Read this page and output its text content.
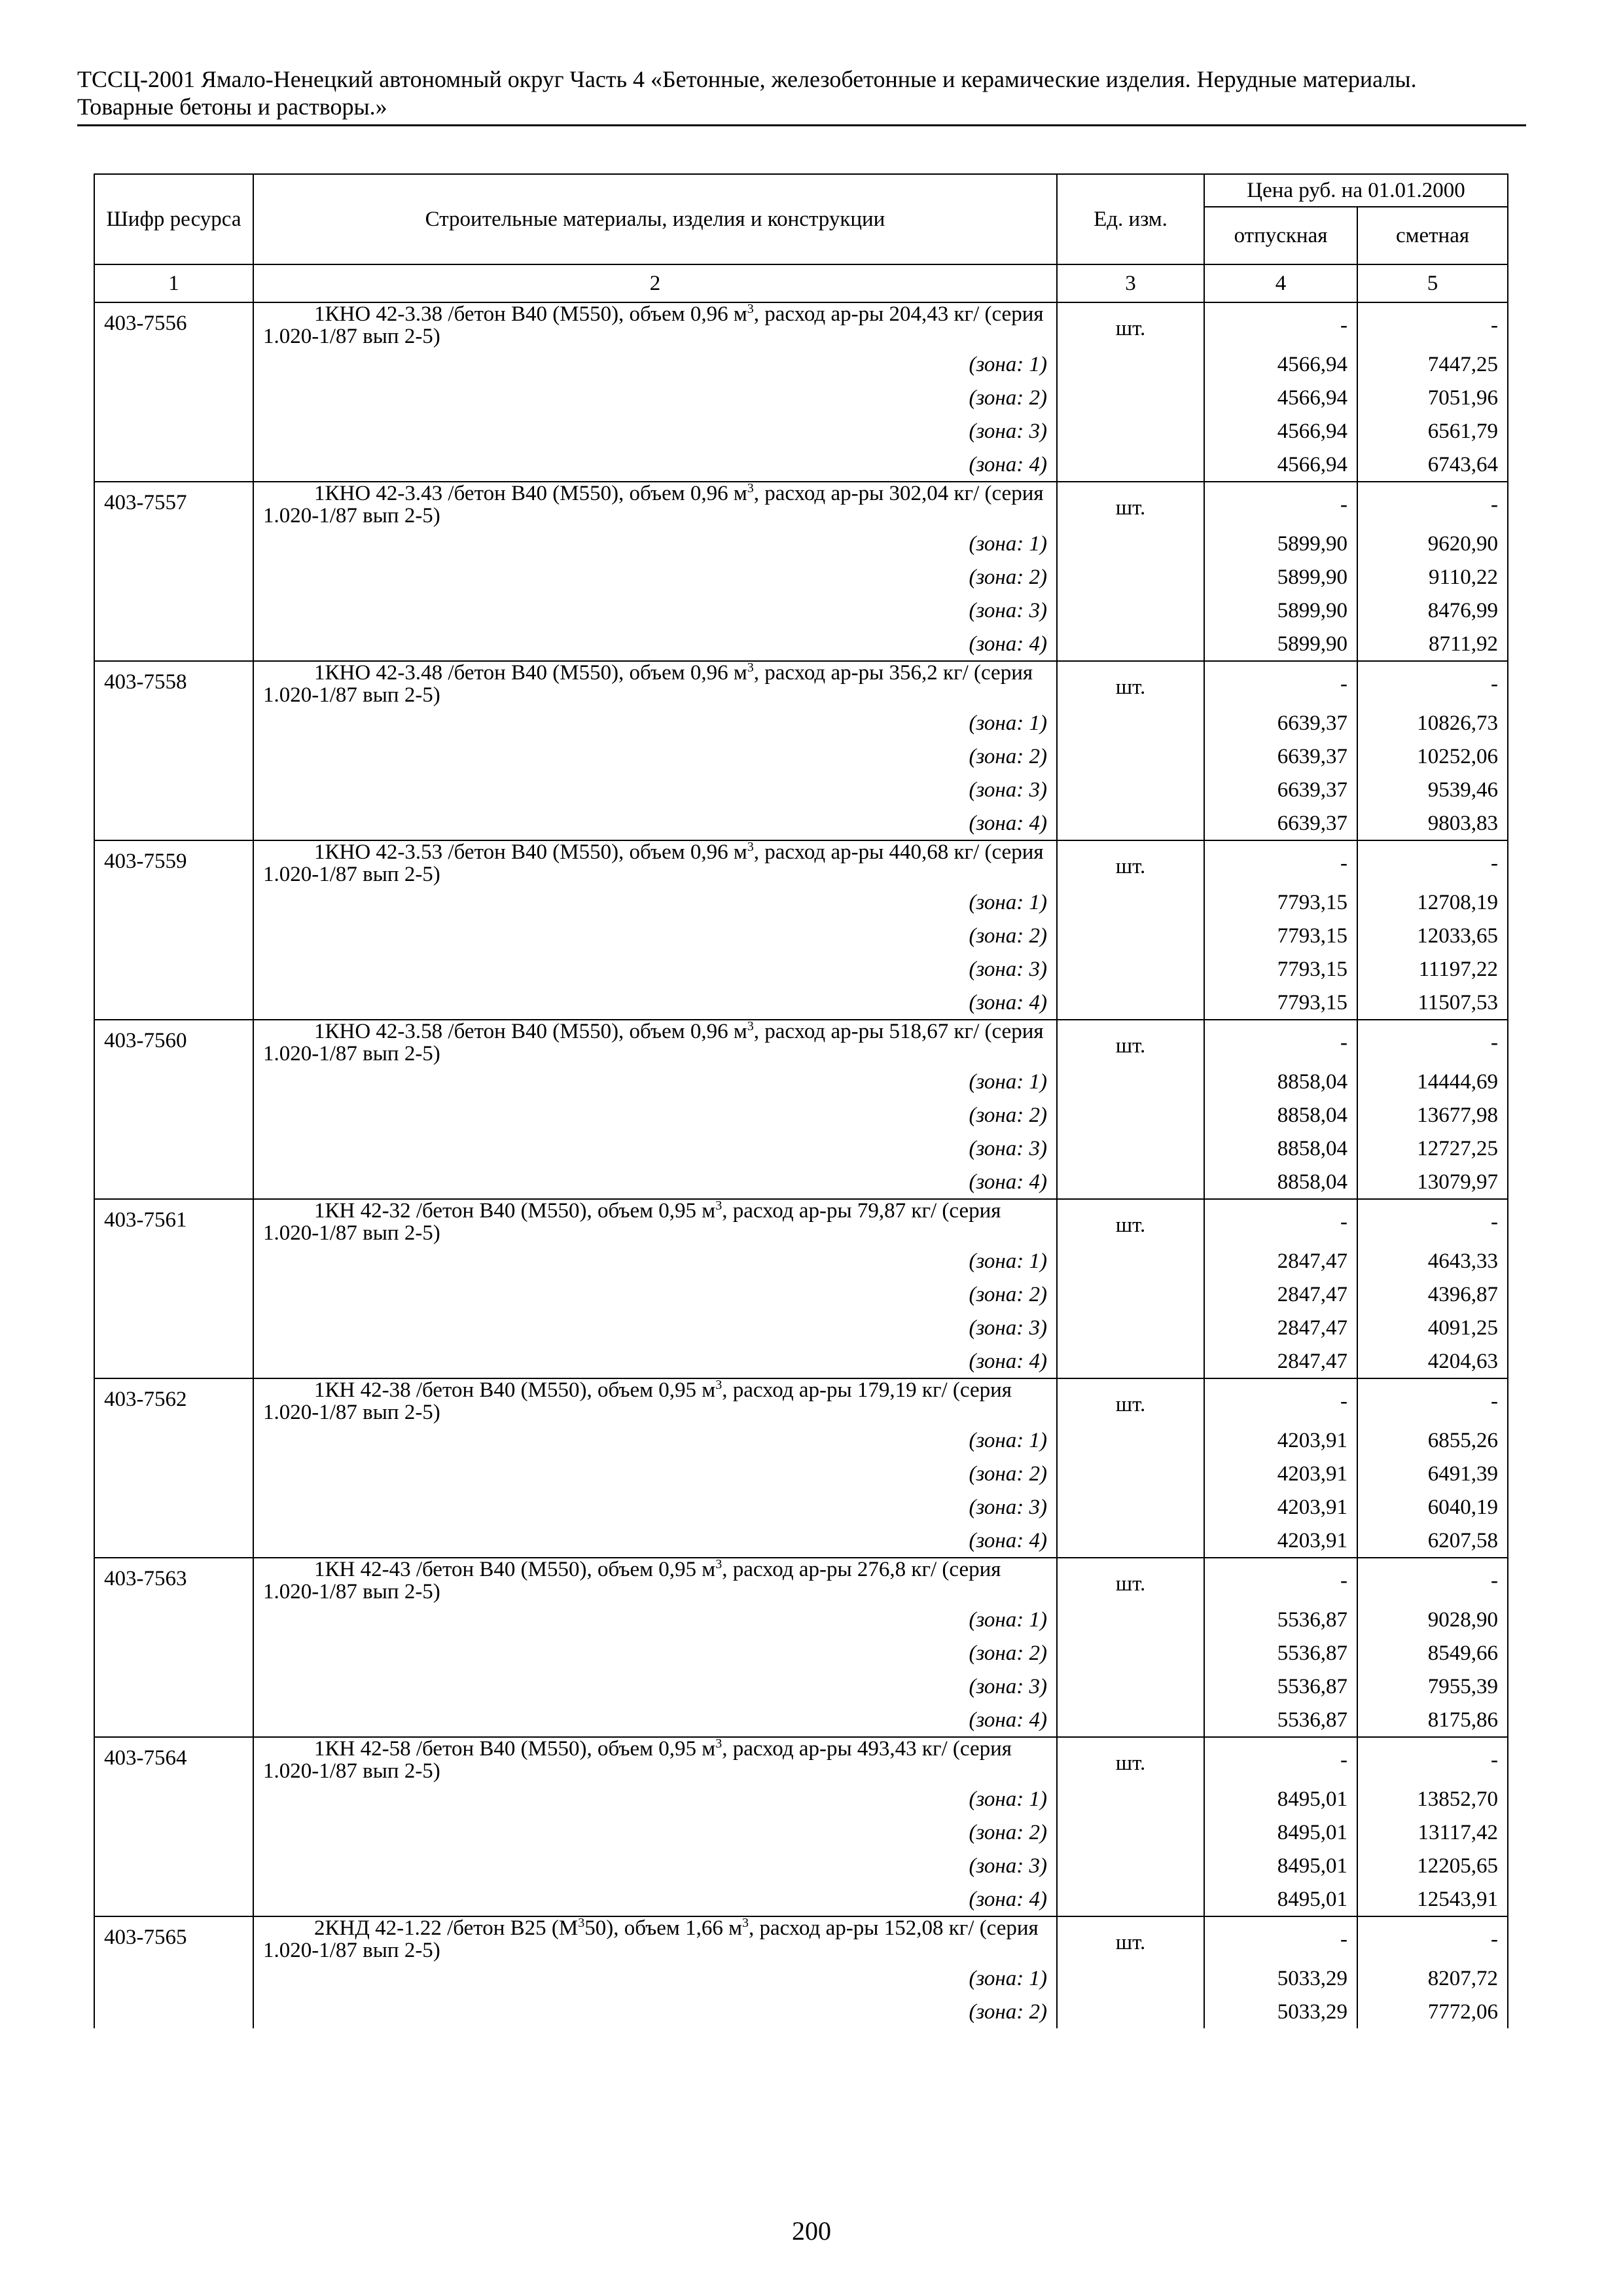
ТССЦ-2001 Ямало-Ненецкий автономный округ Часть 4 «Бетонные, железобетонные и керамические изделия. Нерудные материалы.
Товарные бетоны и растворы.»
Шифр ресурса	Строительные материалы, изделия и конструкции	Ед. изм.	Цена руб. на 01.01.2000	
			отпускная	сметная
1	2	3	4	5
403-7556	1КНО 42-3.38 /бетон В40 (М550), объем 0,96 $м^3$, расход ар-ры 204,43 кг/ (серия 1.020-1/87 вып 2-5)	шт.	-	-
	(зона: 1)		4566,94	7447,25
	(зона: 2)		4566,94	7051,96
	(зона: 3)		4566,94	6561,79
	(зона: 4)		4566,94	6743,64
403-7557	1КНО 42-3.43 /бетон В40 (М550), объем 0,96 $м^3$, расход ар-ры 302,04 кг/ (серия 1.020-1/87 вып 2-5)	шт.	-	-
	(зона: 1)		5899,90	9620,90
	(зона: 2)		5899,90	9110,22
	(зона: 3)		5899,90	8476,99
	(зона: 4)		5899,90	8711,92
403-7558	1КНО 42-3.48 /бетон В40 (М550), объем 0,96 $м^3$, расход ар-ры 356,2 кг/ (серия 1.020-1/87 вып 2-5)	шт.	-	-
	(зона: 1)		6639,37	10826,73
	(зона: 2)		6639,37	10252,06
	(зона: 3)		6639,37	9539,46
	(зона: 4)		6639,37	9803,83
403-7559	1КНО 42-3.53 /бетон В40 (М550), объем 0,96 $м^3$, расход ар-ры 440,68 кг/ (серия 1.020-1/87 вып 2-5)	шт.	-	-
	(зона: 1)		7793,15	12708,19
	(зона: 2)		7793,15	12033,65
	(зона: 3)		7793,15	11197,22
	(зона: 4)		7793,15	11507,53
403-7560	1КНО 42-3.58 /бетон В40 (М550), объем 0,96 $м^3$, расход ар-ры 518,67 кг/ (серия 1.020-1/87 вып 2-5)	шт.	-	-
	(зона: 1)		8858,04	14444,69
	(зона: 2)		8858,04	13677,98
	(зона: 3)		8858,04	12727,25
	(зона: 4)		8858,04	13079,97
403-7561	1КН 42-32 /бетон В40 (М550), объем 0,95 $м^3$, расход ар-ры 79,87 кг/ (серия 1.020-1/87 вып 2-5)	шт.	-	-
	(зона: 1)		2847,47	4643,33
	(зона: 2)		2847,47	4396,87
	(зона: 3)		2847,47	4091,25
	(зона: 4)		2847,47	4204,63
403-7562	1КН 42-38 /бетон В40 (М550), объем 0,95 $м^3$, расход ар-ры 179,19 кг/ (серия 1.020-1/87 вып 2-5)	шт.	-	-
	(зона: 1)		4203,91	6855,26
	(зона: 2)		4203,91	6491,39
	(зона: 3)		4203,91	6040,19
	(зона: 4)		4203,91	6207,58
403-7563	1КН 42-43 /бетон В40 (М550), объем 0,95 $м^3$, расход ар-ры 276,8 кг/ (серия 1.020-1/87 вып 2-5)	шт.	-	-
	(зона: 1)		5536,87	9028,90
	(зона: 2)		5536,87	8549,66
	(зона: 3)		5536,87	7955,39
	(зона: 4)		5536,87	8175,86
403-7564	1КН 42-58 /бетон В40 (М550), объем 0,95 $м^3$, расход ар-ры 493,43 кг/ (серия 1.020-1/87 вып 2-5)	шт.	-	-
	(зона: 1)		8495,01	13852,70
	(зона: 2)		8495,01	13117,42
	(зона: 3)		8495,01	12205,65
	(зона: 4)		8495,01	12543,91
403-7565	2КНД 42-1.22 /бетон В25 $(М^350)$, объем 1,66 $м^3$, расход ар-ры 152,08 кг/ (серия 1.020-1/87 вып 2-5)	шт.	-	-
	(зона: 1)		5033,29	8207,72
	(зона: 2)		5033,29	7772,06
200
